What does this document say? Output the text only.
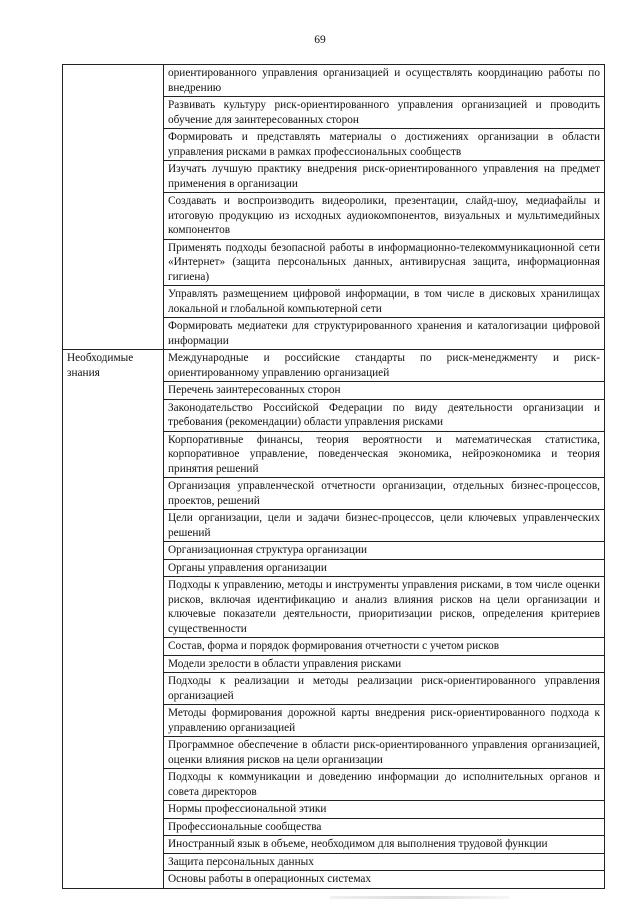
69
	ориентированного управления организацией и осуществлять координацию работы по внедрению
	Развивать культуру риск-ориентированного управления организацией и проводить обучение для заинтересованных сторон
	Формировать и представлять материалы о достижениях организации в области управления рисками в рамках профессиональных сообществ
	Изучать лучшую практику внедрения риск-ориентированного управления на предмет применения в организации
	Создавать и воспроизводить видеоролики, презентации, слайд-шоу, медиафайлы и итоговую продукцию из исходных аудиокомпонентов, визуальных и мультимедийных компонентов
	Применять подходы безопасной работы в информационно-телекоммуникационной сети «Интернет» (защита персональных данных, антивирусная защита, информационная гигиена)
	Управлять размещением цифровой информации, в том числе в дисковых хранилищах локальной и глобальной компьютерной сети
	Формировать медиатеки для структурированного хранения и каталогизации цифровой информации
Необходимые знания	Международные и российские стандарты по риск-менеджменту и риск-ориентированному управлению организацией
	Перечень заинтересованных сторон
	Законодательство Российской Федерации по виду деятельности организации и требования (рекомендации) области управления рисками
	Корпоративные финансы, теория вероятности и математическая статистика, корпоративное управление, поведенческая экономика, нейроэкономика и теория принятия решений
	Организация управленческой отчетности организации, отдельных бизнес-процессов, проектов, решений
	Цели организации, цели и задачи бизнес-процессов, цели ключевых управленческих решений
	Организационная структура организации
	Органы управления организации
	Подходы к управлению, методы и инструменты управления рисками, в том числе оценки рисков, включая идентификацию и анализ влияния рисков на цели организации и ключевые показатели деятельности, приоритизации рисков, определения критериев существенности
	Состав, форма и порядок формирования отчетности с учетом рисков
	Модели зрелости в области управления рисками
	Подходы к реализации и методы реализации риск-ориентированного управления организацией
	Методы формирования дорожной карты внедрения риск-ориентированного подхода к управлению организацией
	Программное обеспечение в области риск-ориентированного управления организацией, оценки влияния рисков на цели организации
	Подходы к коммуникации и доведению информации до исполнительных органов и совета директоров
	Нормы профессиональной этики
	Профессиональные сообщества
	Иностранный язык в объеме, необходимом для выполнения трудовой функции
	Защита персональных данных
	Основы работы в операционных системах
